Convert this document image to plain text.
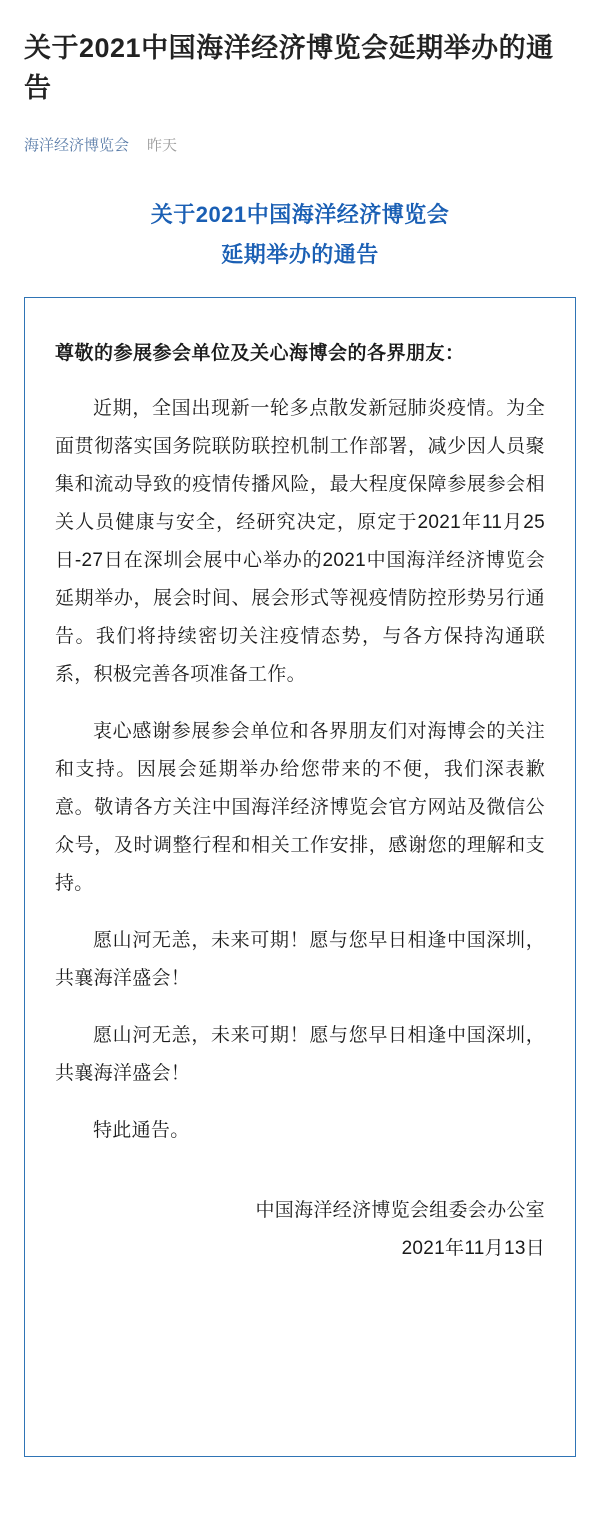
关于2021中国海洋经济博览会延期举办的通告
海洋经济博览会 昨天
关于2021中国海洋经济博览会
延期举办的通告
尊敬的参展参会单位及关心海博会的各界朋友：

近期，全国出现新一轮多点散发新冠肺炎疫情。为全面贯彻落实国务院联防联控机制工作部署，减少因人员聚集和流动导致的疫情传播风险，最大程度保障参展参会相关人员健康与安全，经研究决定，原定于2021年11月25日-27日在深圳会展中心举办的2021中国海洋经济博览会延期举办，展会时间、展会形式等视疫情防控形势另行通告。我们将持续密切关注疫情态势，与各方保持沟通联系，积极完善各项准备工作。

衷心感谢参展参会单位和各界朋友们对海博会的关注和支持。因展会延期举办给您带来的不便，我们深表歉意。敬请各方关注中国海洋经济博览会官方网站及微信公众号，及时调整行程和相关工作安排，感谢您的理解和支持。

愿山河无恙，未来可期！愿与您早日相逢中国深圳，共襄海洋盛会！

愿山河无恙，未来可期！愿与您早日相逢中国深圳，共襄海洋盛会！

特此通告。

中国海洋经济博览会组委会办公室
2021年11月13日
